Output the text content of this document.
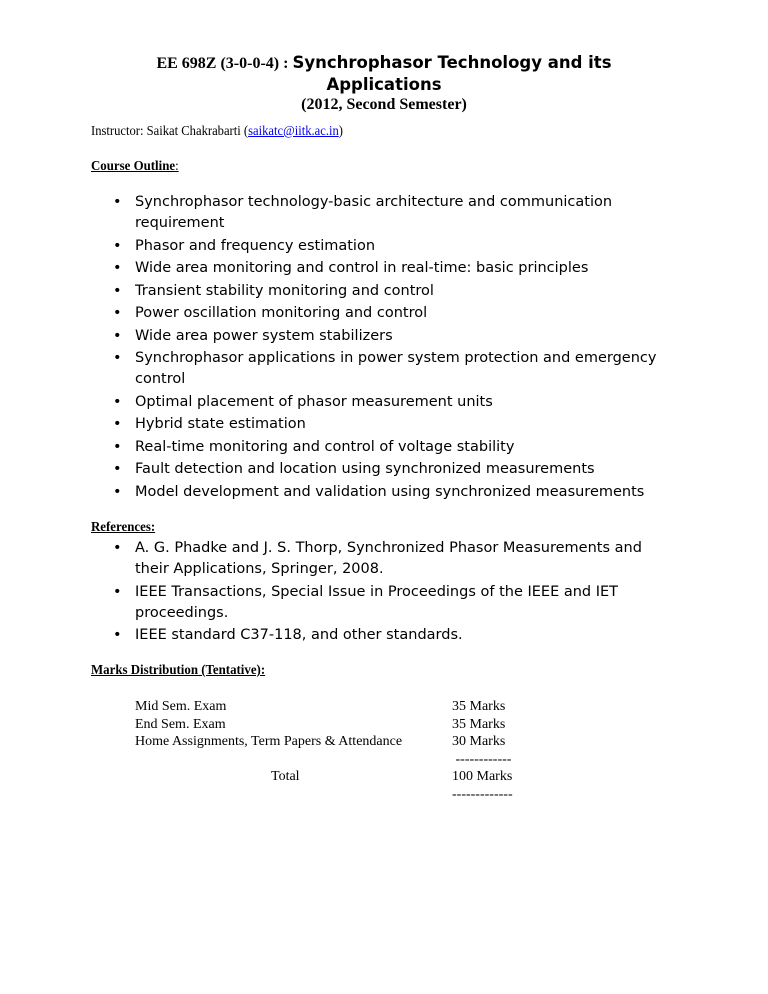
EE 698Z (3-0-0-4) : Synchrophasor Technology and its
Applications
(2012, Second Semester)
Instructor: Saikat Chakrabarti (saikatc@iitk.ac.in)
Course Outline:
• Synchrophasor technology-basic architecture and communication requirement
• Phasor and frequency estimation
• Wide area monitoring and control in real-time: basic principles
• Transient stability monitoring and control
• Power oscillation monitoring and control
• Wide area power system stabilizers
• Synchrophasor applications in power system protection and emergency control
• Optimal placement of phasor measurement units
• Hybrid state estimation
• Real-time monitoring and control of voltage stability
• Fault detection and location using synchronized measurements
• Model development and validation using synchronized measurements
References:
• A. G. Phadke and J. S. Thorp, Synchronized Phasor Measurements and their Applications, Springer, 2008.
• IEEE Transactions, Special Issue in Proceedings of the IEEE and IET proceedings.
• IEEE standard C37-118, and other standards.
Marks Distribution (Tentative):
Mid Sem. Exam	35 Marks
End Sem. Exam	35 Marks
Home Assignments, Term Papers & Attendance	30 Marks
------------
Total	100 Marks
-------------
